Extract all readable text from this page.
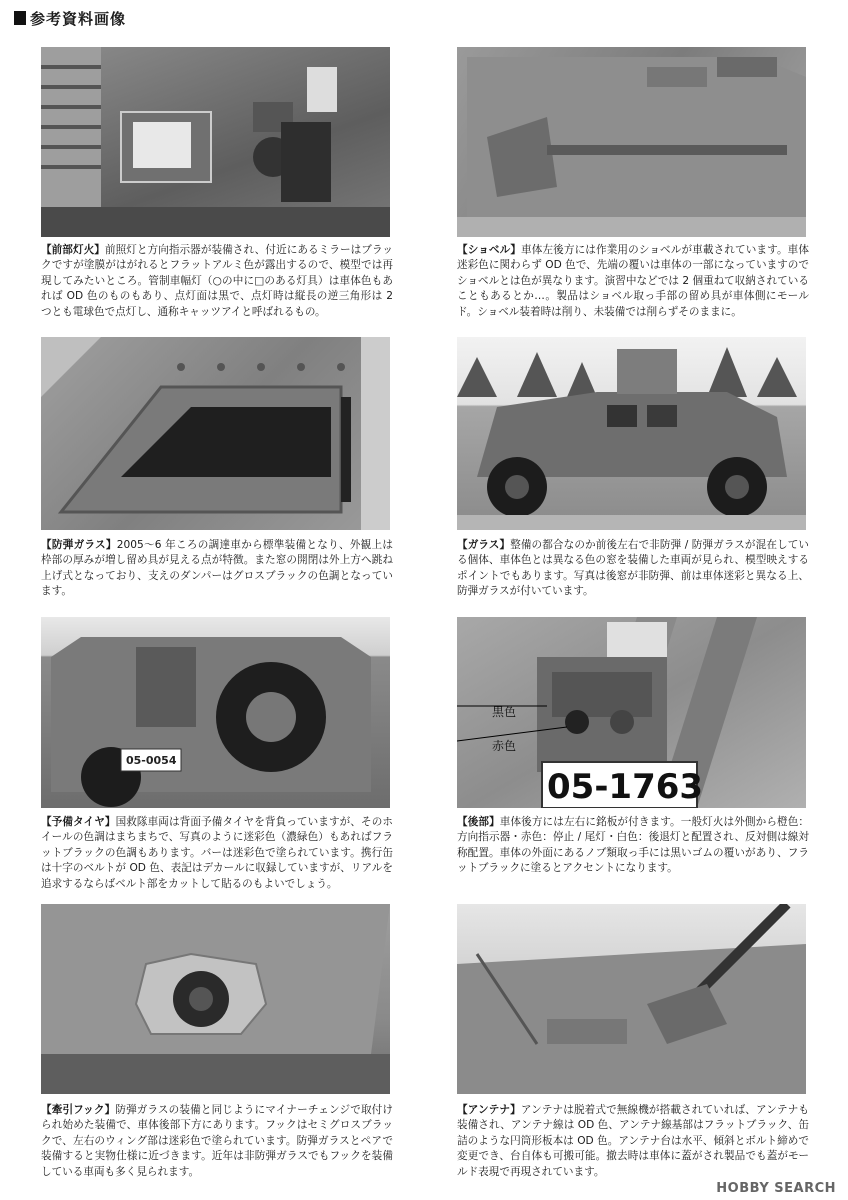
参考資料画像
【前部灯火】前照灯と方向指示器が装備され、付近にあるミラーはブラックですが塗膜がはがれるとフラットアルミ色が露出するので、模型では再現してみたいところ。管制車幅灯（○の中に□のある灯具）は車体色もあれば OD 色のものもあり、点灯面は黒で、点灯時は縦長の逆三角形は 2 つとも電球色で点灯し、通称キャッツアイと呼ばれるもの。
【ショベル】車体左後方には作業用のショベルが車載されています。車体迷彩色に関わらず OD 色で、先端の覆いは車体の一部になっていますのでショベルとは色が異なります。演習中などでは 2 個重ねて収納されていることもあるとか…。製品はショベル取っ手部の留め具が車体側にモールド。ショベル装着時は削り、未装備では削らずそのままに。
【防弾ガラス】2005～6 年ころの調達車から標準装備となり、外観上は枠部の厚みが増し留め具が見える点が特徴。また窓の開閉は外上方へ跳ね上げ式となっており、支えのダンパーはグロスブラックの色調となっています。
【ガラス】整備の都合なのか前後左右で非防弾 / 防弾ガラスが混在している個体、車体色とは異なる色の窓を装備した車両が見られ、模型映えするポイントでもあります。写真は後窓が非防弾、前は車体迷彩と異なる上、防弾ガラスが付いています。
05-0054
05-1763
黒色
赤色
【予備タイヤ】国救隊車両は背面予備タイヤを背負っていますが、そのホイールの色調はまちまちで、写真のように迷彩色（濃緑色）もあればフラットブラックの色調もあります。バーは迷彩色で塗られています。携行缶は十字のベルトが OD 色、表記はデカールに収録していますが、リアルを追求するならばベルト部をカットして貼るのもよいでしょう。
【後部】車体後方には左右に銘板が付きます。一般灯火は外側から橙色：方向指示器・赤色：停止 / 尾灯・白色：後退灯と配置され、反対側は線対称配置。車体の外面にあるノブ類取っ手には黒いゴムの覆いがあり、フラットブラックに塗るとアクセントになります。
【牽引フック】防弾ガラスの装備と同じようにマイナーチェンジで取付けられ始めた装備で、車体後部下方にあります。フックはセミグロスブラックで、左右のウィング部は迷彩色で塗られています。防弾ガラスとペアで装備すると実物仕様に近づきます。近年は非防弾ガラスでもフックを装備している車両も多く見られます。
【アンテナ】アンテナは脱着式で無線機が搭載されていれば、アンテナも装備され、アンテナ線は OD 色、アンテナ線基部はフラットブラック、缶詰のような円筒形板本は OD 色。アンテナ台は水平、傾斜とボルト締めで変更でき、台自体も可搬可能。撤去時は車体に蓋がされ製品でも蓋がモールド表現で再現されています。
HOBBY SEARCH
